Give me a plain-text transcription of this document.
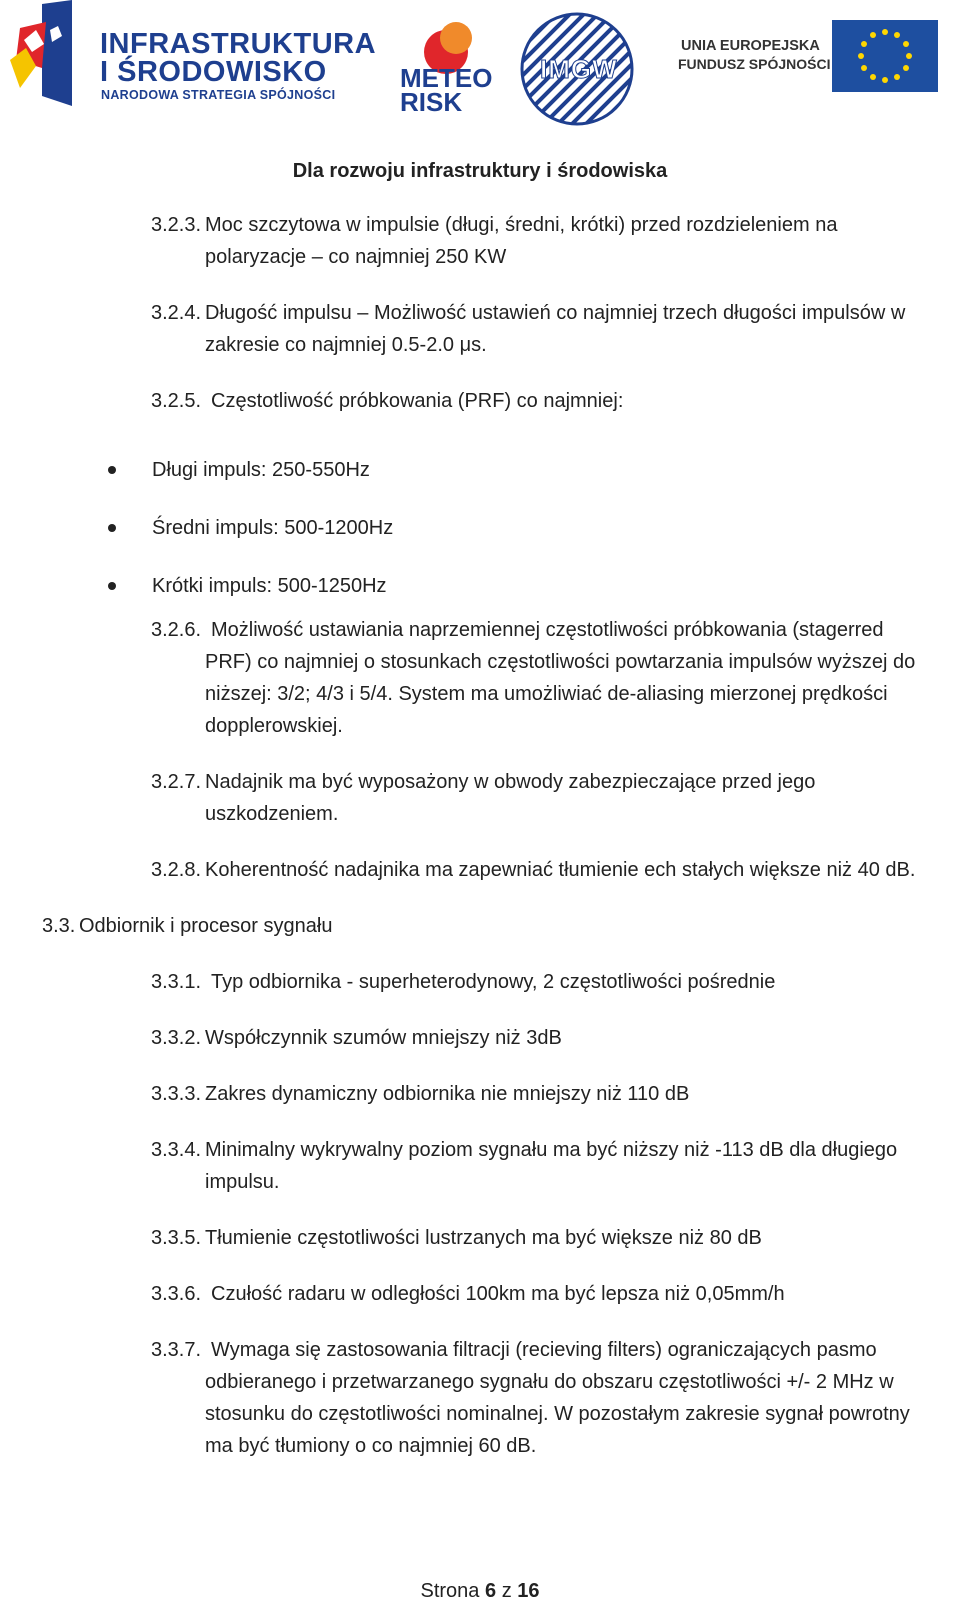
INFRASTRUKTURA
I ŚRODOWISKO
NARODOWA STRATEGIA SPÓJNOŚCI
METEO
RISK
IMGW
UNIA EUROPEJSKA
FUNDUSZ SPÓJNOŚCI
Dla rozwoju infrastruktury i środowiska
3.2.3. Moc szczytowa w impulsie (długi, średni, krótki) przed rozdzieleniem na
polaryzacje – co najmniej 250 KW
3.2.4. Długość impulsu – Możliwość ustawień co najmniej trzech długości impulsów w
zakresie co najmniej 0.5-2.0 μs.
3.2.5. Częstotliwość próbkowania (PRF) co najmniej:
Długi impuls: 250-550Hz
Średni impuls: 500-1200Hz
Krótki impuls: 500-1250Hz
3.2.6. Możliwość ustawiania naprzemiennej częstotliwości próbkowania (stagerred
PRF) co najmniej o stosunkach częstotliwości powtarzania impulsów wyższej do
niższej: 3/2; 4/3 i 5/4. System ma umożliwiać de-aliasing mierzonej prędkości
dopplerowskiej.
3.2.7. Nadajnik ma być wyposażony w obwody zabezpieczające przed jego
uszkodzeniem.
3.2.8. Koherentność nadajnika ma zapewniać tłumienie ech stałych większe niż 40 dB.
3.3. Odbiornik i procesor sygnału
3.3.1. Typ odbiornika - superheterodynowy, 2 częstotliwości pośrednie
3.3.2. Współczynnik szumów mniejszy niż 3dB
3.3.3. Zakres dynamiczny odbiornika nie mniejszy niż 110 dB
3.3.4. Minimalny wykrywalny poziom sygnału ma być niższy niż -113 dB dla długiego
impulsu.
3.3.5. Tłumienie częstotliwości lustrzanych ma być większe niż 80 dB
3.3.6. Czułość radaru w odległości 100km ma być lepsza niż 0,05mm/h
3.3.7. Wymaga się zastosowania filtracji (recieving filters) ograniczających pasmo
odbieranego i przetwarzanego sygnału do obszaru częstotliwości +/- 2 MHz w
stosunku do częstotliwości nominalnej. W pozostałym zakresie sygnał powrotny
ma być tłumiony o co najmniej 60 dB.
Strona 6 z 16
